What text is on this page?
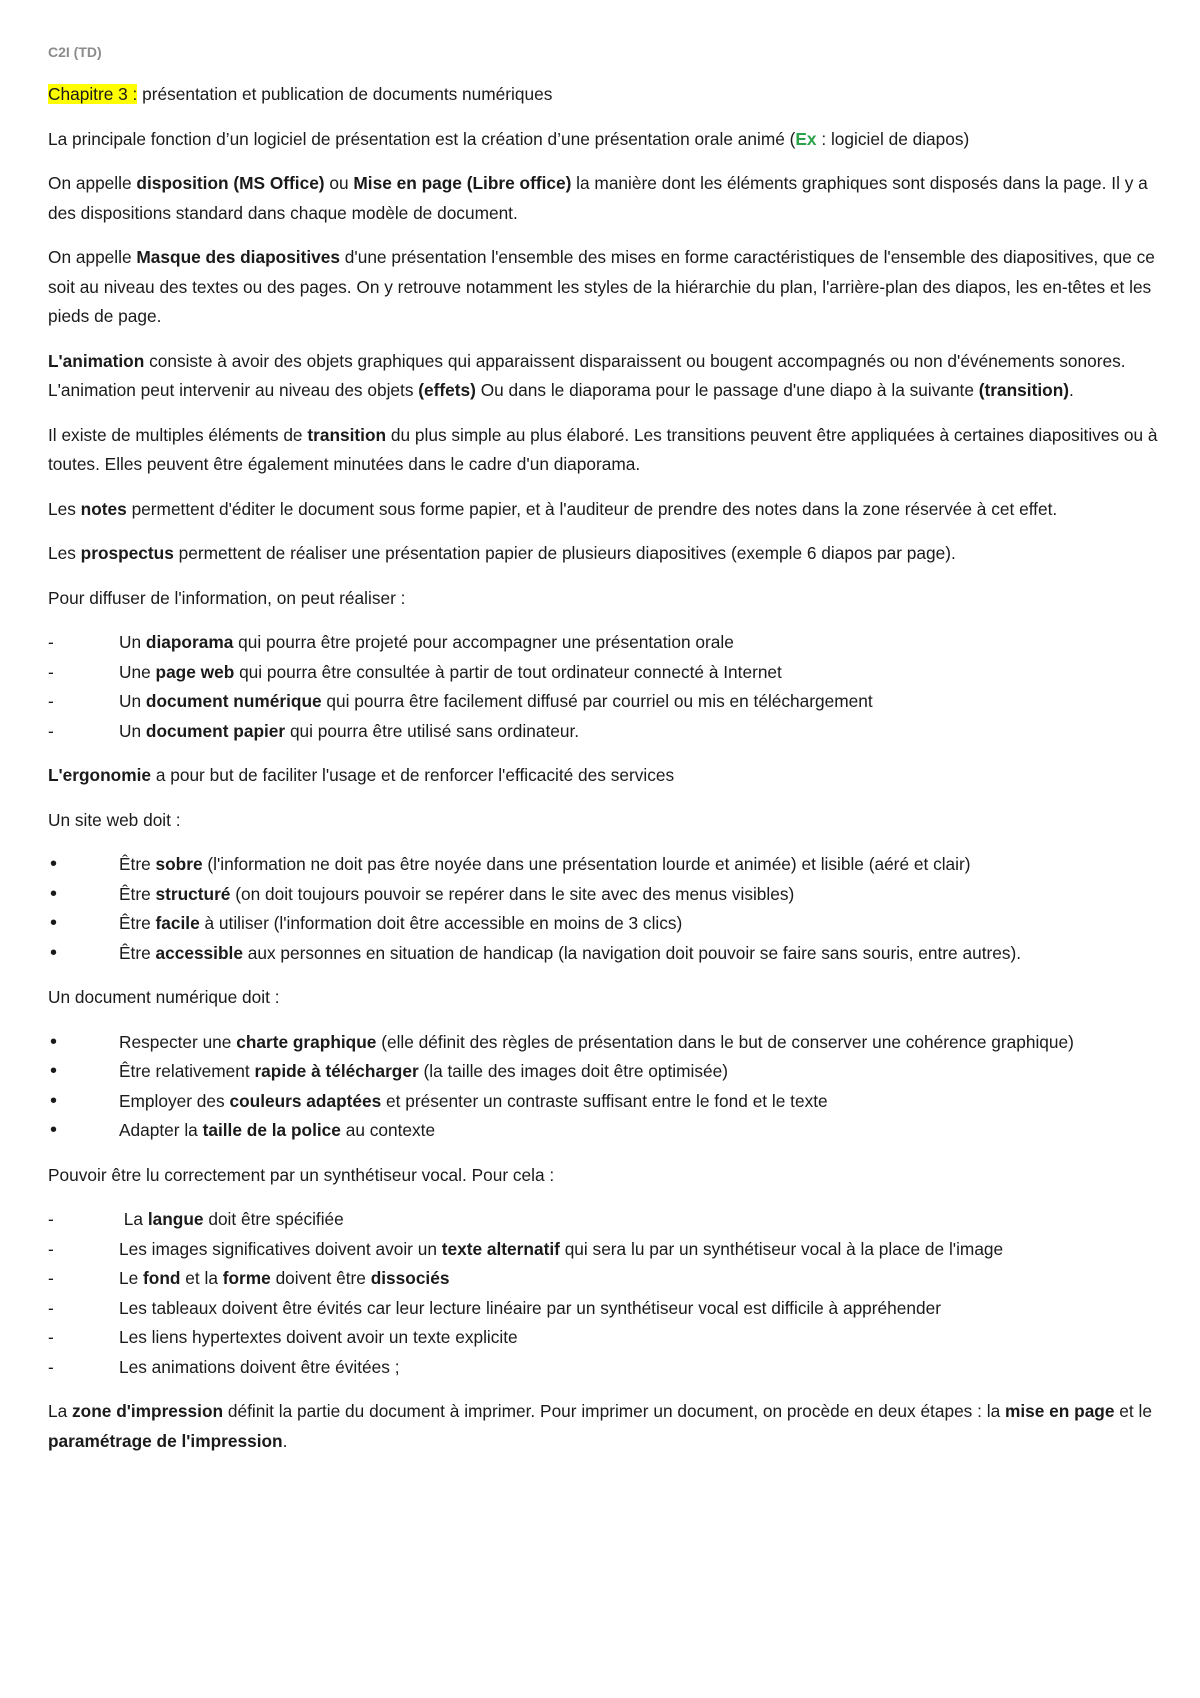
C2I (TD)

Chapitre 3 : présentation et publication de documents numériques

La principale fonction d’un logiciel de présentation est la création d’une présentation orale animé (Ex : logiciel de diapos)

On appelle disposition (MS Office) ou Mise en page (Libre office) la manière dont les éléments graphiques sont disposés dans la page. Il y a des dispositions standard dans chaque modèle de document.

On appelle Masque des diapositives d'une présentation l'ensemble des mises en forme caractéristiques de l'ensemble des diapositives, que ce soit au niveau des textes ou des pages. On y retrouve notamment les styles de la hiérarchie du plan, l'arrière-plan des diapos, les en-têtes et les pieds de page.

L'animation consiste à avoir des objets graphiques qui apparaissent disparaissent ou bougent accompagnés ou non d'événements sonores. L'animation peut intervenir au niveau des objets (effets) Ou dans le diaporama pour le passage d'une diapo à la suivante (transition).

Il existe de multiples éléments de transition du plus simple au plus élaboré. Les transitions peuvent être appliquées à certaines diapositives ou à toutes. Elles peuvent être également minutées dans le cadre d'un diaporama.

Les notes permettent d'éditer le document sous forme papier, et à l'auditeur de prendre des notes dans la zone réservée à cet effet.

Les prospectus permettent de réaliser une présentation papier de plusieurs diapositives (exemple 6 diapos par page).

Pour diffuser de l'information, on peut réaliser :

-	Un diaporama qui pourra être projeté pour accompagner une présentation orale
-	Une page web qui pourra être consultée à partir de tout ordinateur connecté à Internet
-	Un document numérique qui pourra être facilement diffusé par courriel ou mis en téléchargement
-	Un document papier qui pourra être utilisé sans ordinateur.

L'ergonomie a pour but de faciliter l'usage et de renforcer l'efficacité des services

Un site web doit :

•	Être sobre (l'information ne doit pas être noyée dans une présentation lourde et animée) et lisible (aéré et clair)
•	Être structuré (on doit toujours pouvoir se repérer dans le site avec des menus visibles)
•	Être facile à utiliser (l'information doit être accessible en moins de 3 clics)
•	Être accessible aux personnes en situation de handicap (la navigation doit pouvoir se faire sans souris, entre autres).

Un document numérique doit :

•	Respecter une charte graphique (elle définit des règles de présentation dans le but de conserver une cohérence graphique)
•	Être relativement rapide à télécharger (la taille des images doit être optimisée)
•	Employer des couleurs adaptées et présenter un contraste suffisant entre le fond et le texte
•	Adapter la taille de la police au contexte

Pouvoir être lu correctement par un synthétiseur vocal. Pour cela :

-	La langue doit être spécifiée
-	Les images significatives doivent avoir un texte alternatif qui sera lu par un synthétiseur vocal à la place de l'image
-	Le fond et la forme doivent être dissociés
-	Les tableaux doivent être évités car leur lecture linéaire par un synthétiseur vocal est difficile à appréhender
-	Les liens hypertextes doivent avoir un texte explicite
-	Les animations doivent être évitées ;

La zone d'impression définit la partie du document à imprimer. Pour imprimer un document, on procède en deux étapes : la mise en page et le paramétrage de l'impression.
